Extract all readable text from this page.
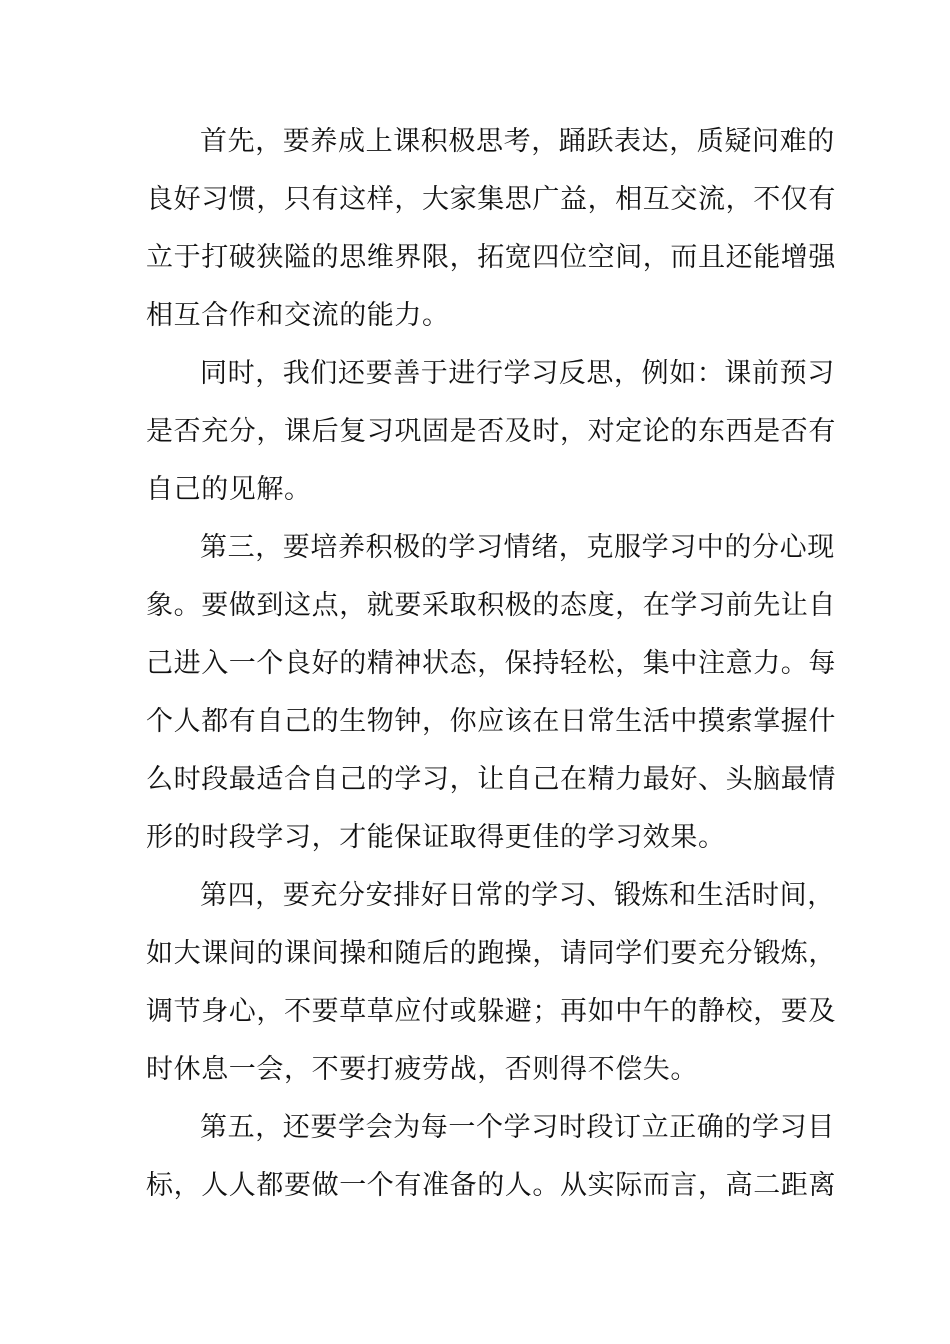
首先，要养成上课积极思考，踊跃表达，质疑问难的
良好习惯，只有这样，大家集思广益，相互交流，不仅有
立于打破狭隘的思维界限，拓宽四位空间，而且还能增强
相互合作和交流的能力。
同时，我们还要善于进行学习反思，例如：课前预习
是否充分，课后复习巩固是否及时，对定论的东西是否有
自己的见解。
第三，要培养积极的学习情绪，克服学习中的分心现
象。要做到这点，就要采取积极的态度，在学习前先让自
己进入一个良好的精神状态，保持轻松，集中注意力。每
个人都有自己的生物钟，你应该在日常生活中摸索掌握什
么时段最适合自己的学习，让自己在精力最好、头脑最情
形的时段学习，才能保证取得更佳的学习效果。
第四，要充分安排好日常的学习、锻炼和生活时间，
如大课间的课间操和随后的跑操，请同学们要充分锻炼，
调节身心，不要草草应付或躲避；再如中午的静校，要及
时休息一会，不要打疲劳战，否则得不偿失。
第五，还要学会为每一个学习时段订立正确的学习目
标，人人都要做一个有准备的人。从实际而言，高二距离
